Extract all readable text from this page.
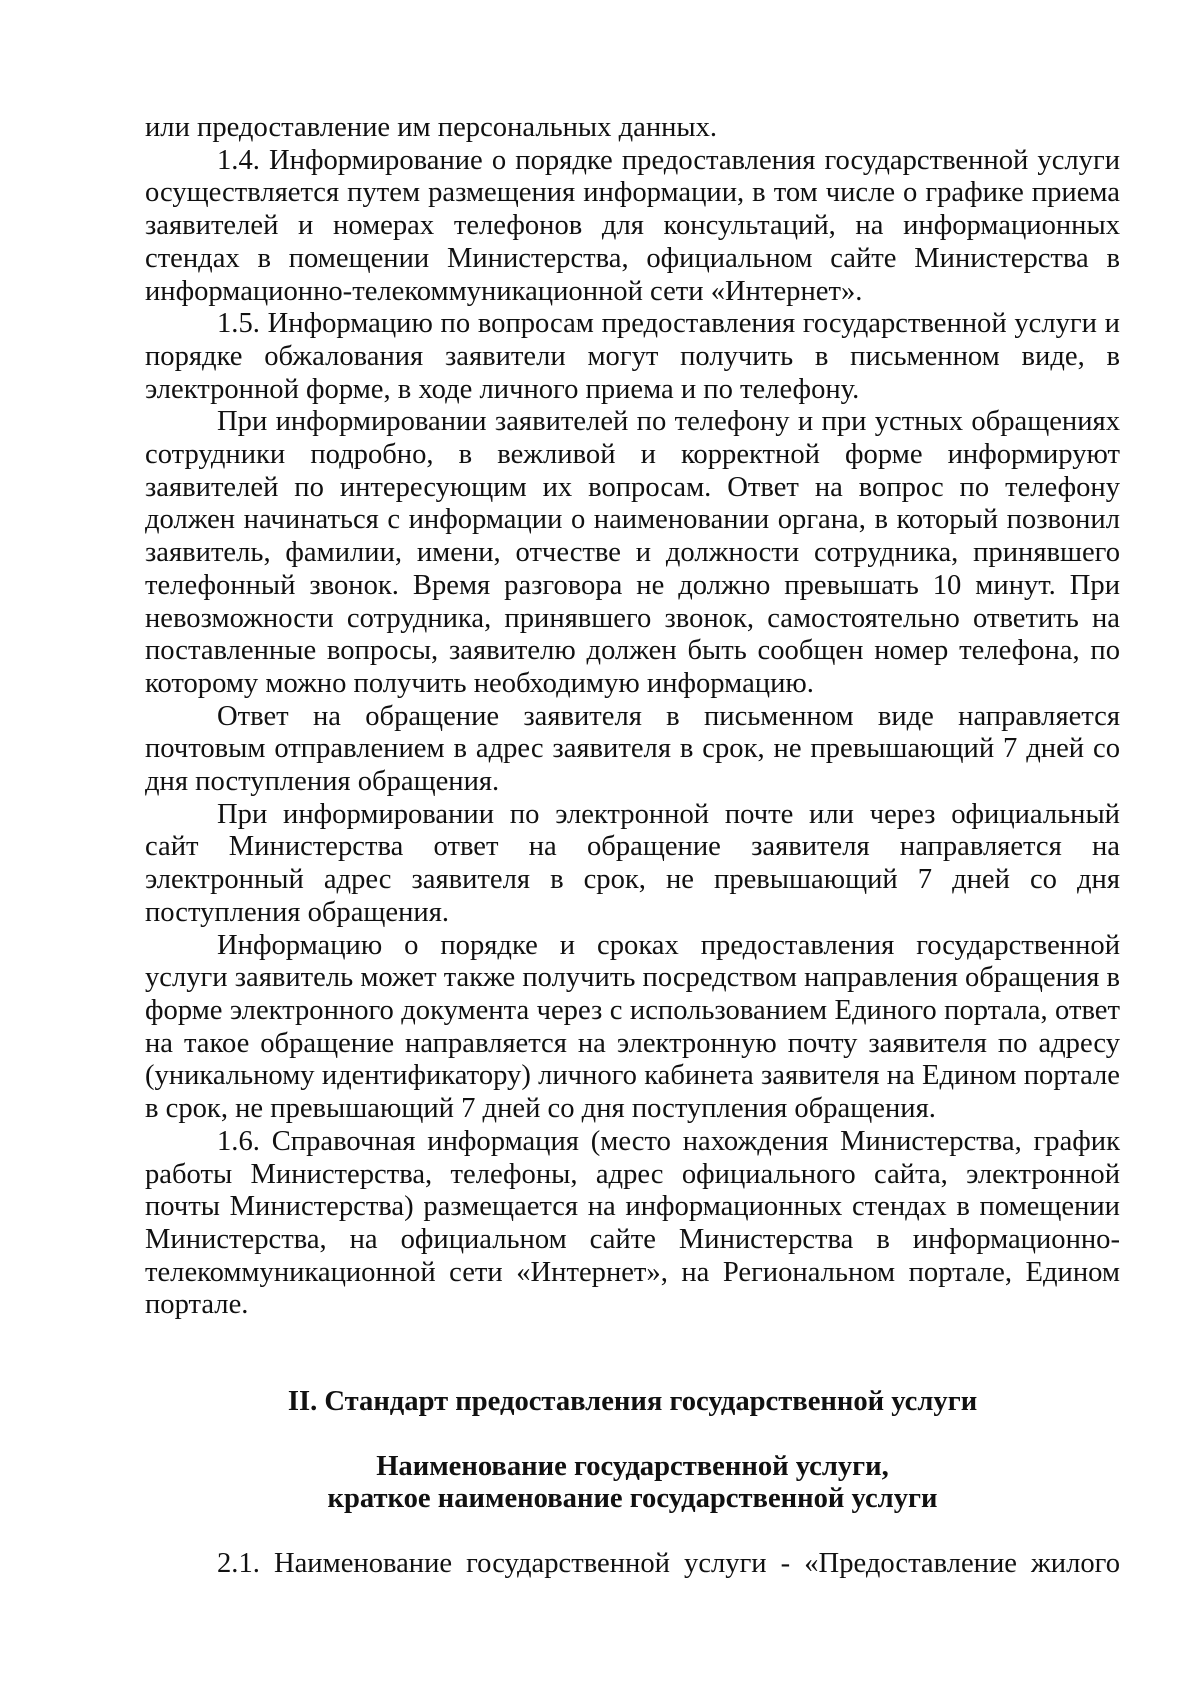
или предоставление им персональных данных.

1.4. Информирование о порядке предоставления государственной услуги осуществляется путем размещения информации, в том числе о графике приема заявителей и номерах телефонов для консультаций, на информационных стендах в помещении Министерства, официальном сайте Министерства в информационно-телекоммуникационной сети «Интернет».

1.5. Информацию по вопросам предоставления государственной услуги и порядке обжалования заявители могут получить в письменном виде, в электронной форме, в ходе личного приема и по телефону.

При информировании заявителей по телефону и при устных обращениях сотрудники подробно, в вежливой и корректной форме информируют заявителей по интересующим их вопросам. Ответ на вопрос по телефону должен начинаться с информации о наименовании органа, в который позвонил заявитель, фамилии, имени, отчестве и должности сотрудника, принявшего телефонный звонок. Время разговора не должно превышать 10 минут. При невозможности сотрудника, принявшего звонок, самостоятельно ответить на поставленные вопросы, заявителю должен быть сообщен номер телефона, по которому можно получить необходимую информацию.

Ответ на обращение заявителя в письменном виде направляется почтовым отправлением в адрес заявителя в срок, не превышающий 7 дней со дня поступления обращения.

При информировании по электронной почте или через официальный сайт Министерства ответ на обращение заявителя направляется на электронный адрес заявителя в срок, не превышающий 7 дней со дня поступления обращения.

Информацию о порядке и сроках предоставления государственной услуги заявитель может также получить посредством направления обращения в форме электронного документа через с использованием Единого портала, ответ на такое обращение направляется на электронную почту заявителя по адресу (уникальному идентификатору) личного кабинета заявителя на Едином портале в срок, не превышающий 7 дней со дня поступления обращения.

1.6. Справочная информация (место нахождения Министерства, график работы Министерства, телефоны, адрес официального сайта, электронной почты Министерства) размещается на информационных стендах в помещении Министерства, на официальном сайте Министерства в информационно-телекоммуникационной сети «Интернет», на Региональном портале, Едином портале.

II. Стандарт предоставления государственной услуги

Наименование государственной услуги,

краткое наименование государственной услуги

2.1. Наименование государственной услуги - «Предоставление жилого
